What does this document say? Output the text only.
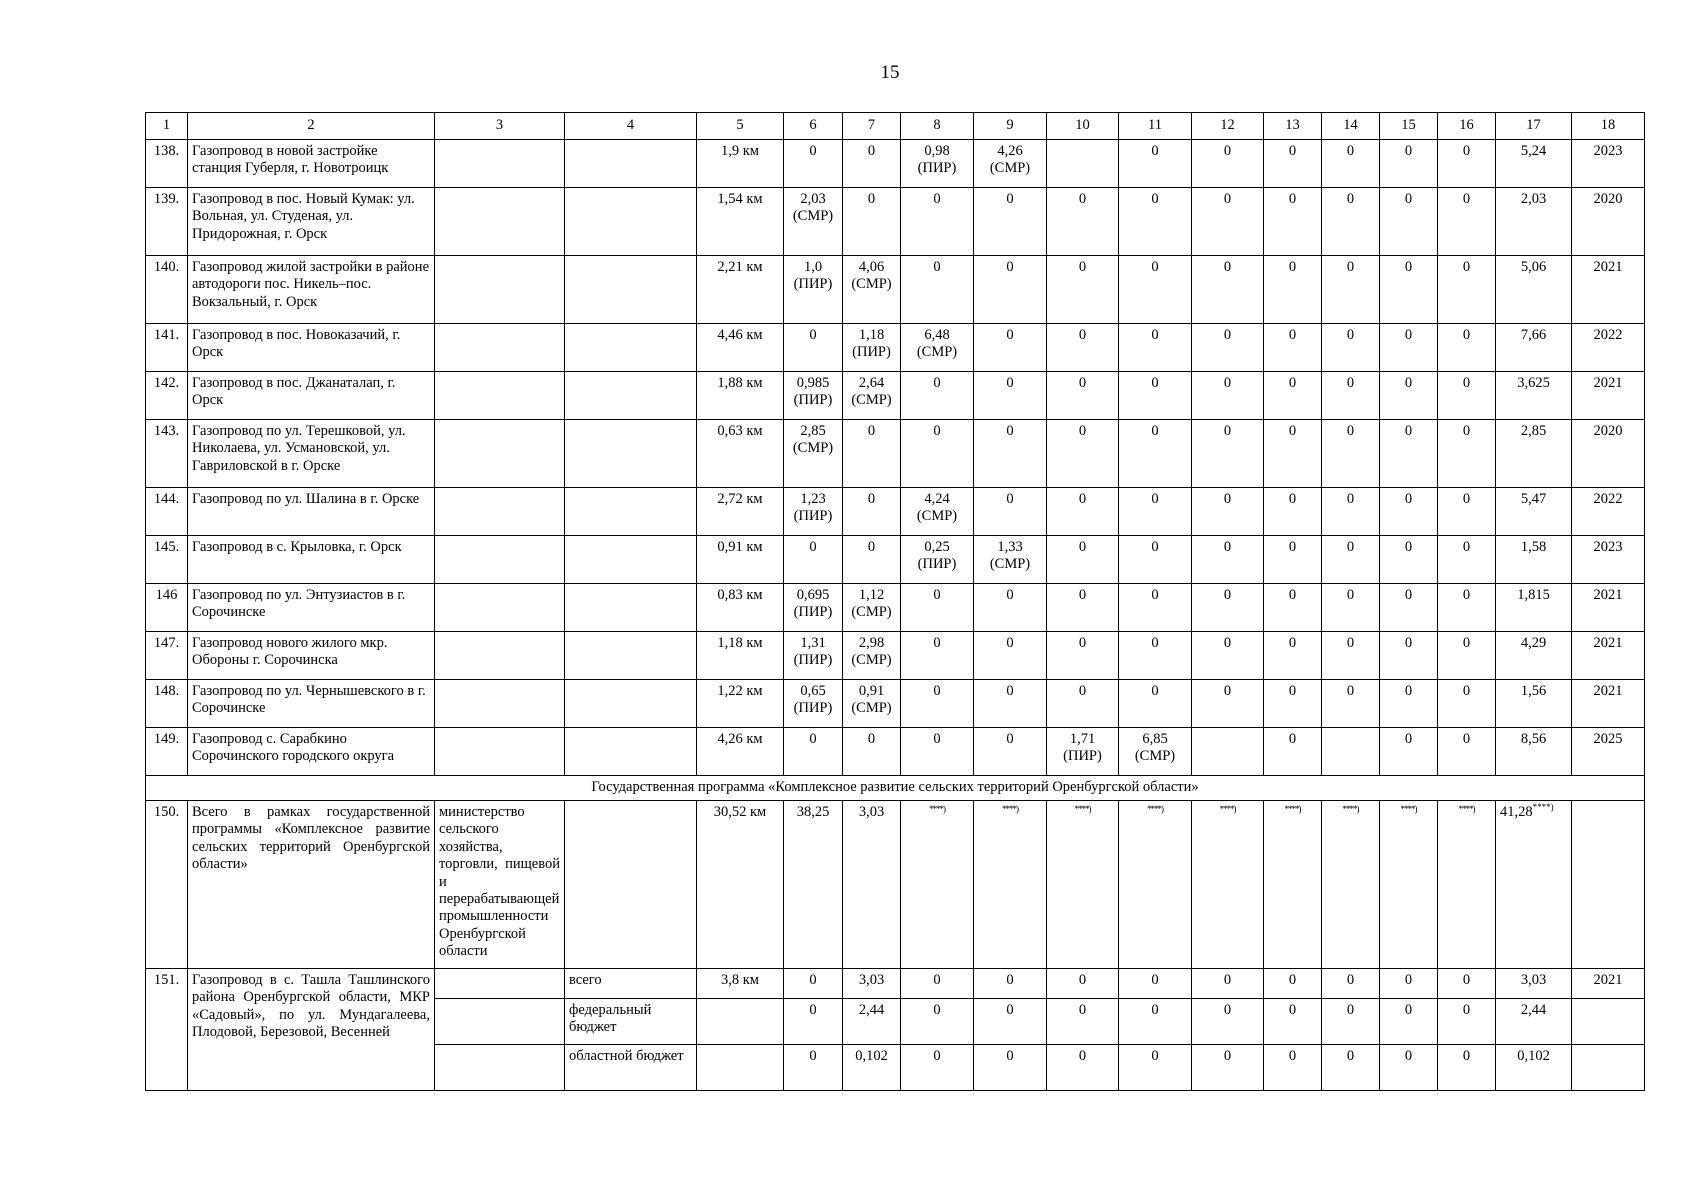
15
1	2	3	4	5	6	7	8	9	10	11	12	13	14	15	16	17	18
138.	Газопровод в новой застройке станция Губерля, г. Новотроицк			1,9 км	0	0	0,98 (ПИР)	4,26 (СМР)		0	0	0	0	0	0	5,24	2023
139.	Газопровод в пос. Новый Кумак: ул. Вольная, ул. Студеная, ул. Придорожная, г. Орск			1,54 км	2,03 (СМР)	0	0	0	0	0	0	0	0	0	0	2,03	2020
140.	Газопровод жилой застройки в районе автодороги пос. Никель–пос. Вокзальный, г. Орск			2,21 км	1,0 (ПИР)	4,06 (СМР)	0	0	0	0	0	0	0	0	0	5,06	2021
141.	Газопровод в пос. Новоказачий, г. Орск			4,46 км	0	1,18 (ПИР)	6,48 (СМР)	0	0	0	0	0	0	0	0	7,66	2022
142.	Газопровод в пос. Джанаталап, г. Орск			1,88 км	0,985 (ПИР)	2,64 (СМР)	0	0	0	0	0	0	0	0	0	3,625	2021
143.	Газопровод по ул. Терешковой, ул. Николаева, ул. Усмановской, ул. Гавриловской в г. Орске			0,63 км	2,85 (СМР)	0	0	0	0	0	0	0	0	0	0	2,85	2020
144.	Газопровод по ул. Шалина в г. Орске			2,72 км	1,23 (ПИР)	0	4,24 (СМР)	0	0	0	0	0	0	0	0	5,47	2022
145.	Газопровод в с. Крыловка, г. Орск			0,91 км	0	0	0,25 (ПИР)	1,33 (СМР)	0	0	0	0	0	0	0	1,58	2023
146	Газопровод по ул. Энтузиастов в г. Сорочинске			0,83 км	0,695 (ПИР)	1,12 (СМР)	0	0	0	0	0	0	0	0	0	1,815	2021
147.	Газопровод нового жилого мкр. Обороны г. Сорочинска			1,18 км	1,31 (ПИР)	2,98 (СМР)	0	0	0	0	0	0	0	0	0	4,29	2021
148.	Газопровод по ул. Чернышевского в г. Сорочинске			1,22 км	0,65 (ПИР)	0,91 (СМР)	0	0	0	0	0	0	0	0	0	1,56	2021
149.	Газопровод с. Сарабкино Сорочинского городского округа			4,26 км	0	0	0	0	1,71 (ПИР)	6,85 (СМР)		0		0	0	8,56	2025
Государственная программа «Комплексное развитие сельских территорий Оренбургской области»																	
150.	Всего в рамках государственной программы «Комплексное развитие сельских территорий Оренбургской области»	министерство сельского хозяйства, торговли, пищевой и перерабатывающей промышленности Оренбургской области		30,52 км	38,25	3,03	****)	****)	****)	****)	****)	****)	****)	****)	****)	41,28****)	
151.	Газопровод в с. Ташла Ташлинского района Оренбургской области, МКР «Садовый», по ул. Мундагалеева, Плодовой, Березовой, Весенней		всего	3,8 км	0	3,03	0	0	0	0	0	0	0	0	0	3,03	2021
			федеральный бюджет		0	2,44	0	0	0	0	0	0	0	0	0	2,44	
			областной бюджет		0	0,102	0	0	0	0	0	0	0	0	0	0,102	
